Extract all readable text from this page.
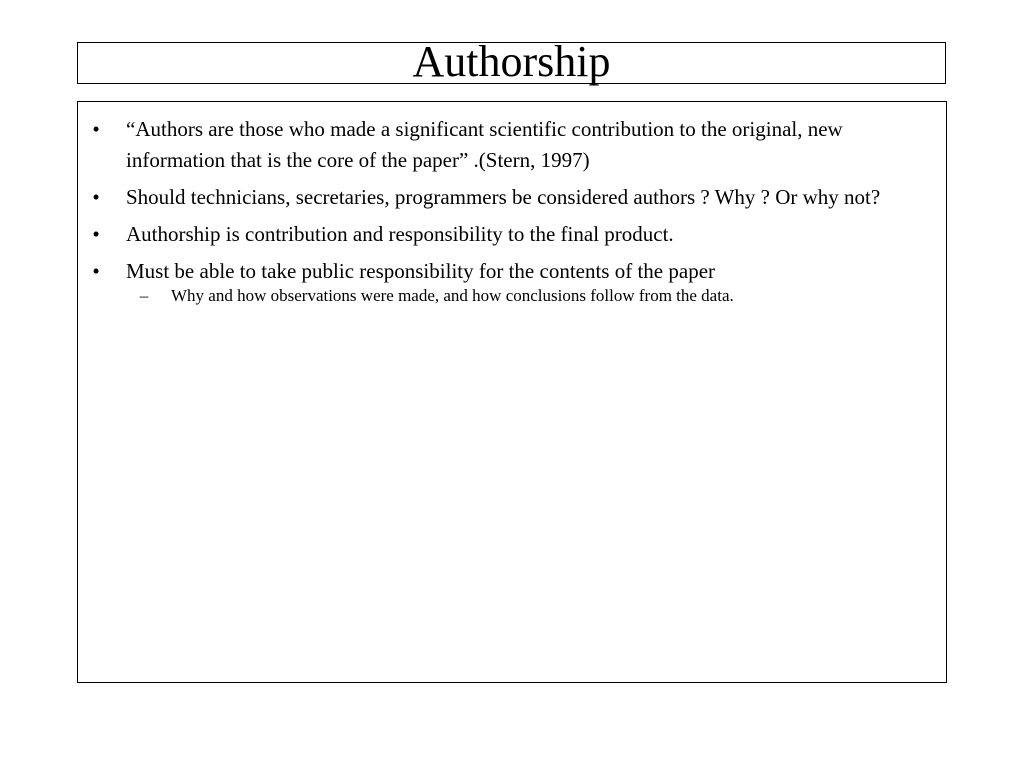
Authorship
•	“Authors are those who made a significant scientific contribution to the original, new information that is the core of the paper” .(Stern, 1997)
•	Should technicians, secretaries, programmers be considered authors ? Why ? Or why not?
•	Authorship is contribution and responsibility to the final product.
•	Must be able to take public responsibility for the contents of the paper
–	Why and how observations were made, and how conclusions follow from the data.
